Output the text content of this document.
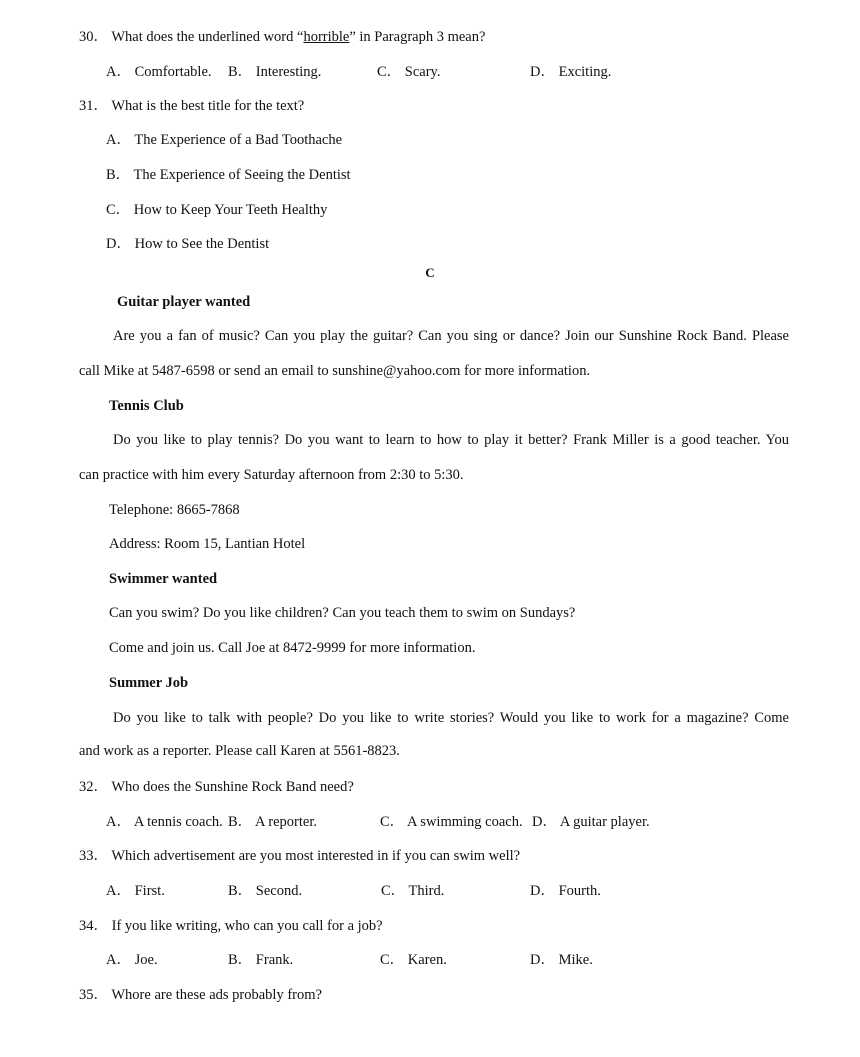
30． What does the underlined word “horrible” in Paragraph 3 mean?
A． Comfortable. B． Interesting.	C． Scary.	D． Exciting.
31． What is the best title for the text?
A． The Experience of a Bad Toothache
B． The Experience of Seeing the Dentist
C． How to Keep Your Teeth Healthy
D． How to See the Dentist
C
Guitar player wanted
Are you a fan of music? Can you play the guitar? Can you sing or dance? Join our Sunshine Rock Band. Please
call Mike at 5487-6598 or send an email to sunshine@yahoo.com for more information.
Tennis Club
Do you like to play tennis? Do you want to learn to how to play it better? Frank Miller is a good teacher. You
can practice with him every Saturday afternoon from 2:30 to 5:30.
Telephone: 8665-7868
Address: Room 15, Lantian Hotel
Swimmer wanted
Can you swim? Do you like children? Can you teach them to swim on Sundays?
Come and join us. Call Joe at 8472-9999 for more information.
Summer Job
Do you like to talk with people? Do you like to write stories? Would you like to work for a magazine? Come
and work as a reporter. Please call Karen at 5561-8823.
32． Who does the Sunshine Rock Band need?
A． A tennis coach. B． A reporter.	C． A swimming coach. D． A guitar player.
33． Which advertisement are you most interested in if you can swim well?
A． First.	B． Second.	C． Third.	D． Fourth.
34． If you like writing, who can you call for a job?
A． Joe.	B． Frank.	C． Karen.	D． Mike.
35． Whore are these ads probably from?
